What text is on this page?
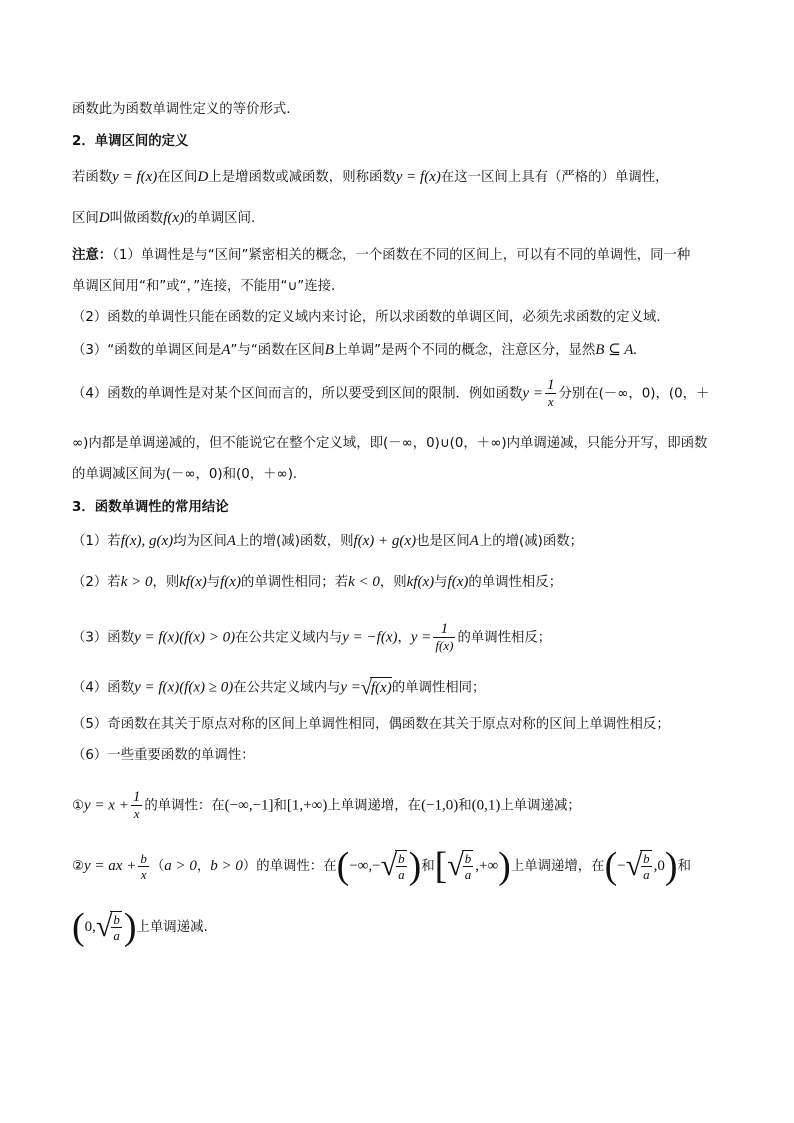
函数此为函数单调性定义的等价形式.
2．单调区间的定义
若函数y = f(x)在区间D上是增函数或减函数，则称函数y = f(x)在这一区间上具有（严格的）单调性，
区间D叫做函数f(x)的单调区间.
注意：（1）单调性是与“区间”紧密相关的概念，一个函数在不同的区间上，可以有不同的单调性，同一种
单调区间用“和”或“，”连接，不能用“∪”连接．
（2）函数的单调性只能在函数的定义域内来讨论，所以求函数的单调区间，必须先求函数的定义域．
（3）“函数的单调区间是A”与“函数在区间B上单调”是两个不同的概念，注意区分，显然B ⊆ A.
（4）函数的单调性是对某个区间而言的，所以要受到区间的限制．例如函数$y = \frac{1}{x}$ 分别在(－∞，0)，(0，＋
∞)内都是单调递减的，但不能说它在整个定义域，即(－∞，0)∪(0，＋∞)内单调递减，只能分开写，即函数
的单调减区间为(－∞，0)和(0，＋∞).
3．函数单调性的常用结论
（1）若f(x), g(x)均为区间A上的增(减)函数，则f(x) + g(x)也是区间A上的增(减)函数；
（2）若k > 0，则kf(x)与f(x)的单调性相同；若k < 0，则kf(x)与f(x)的单调性相反；
（3）函数y = f(x)(f(x) > 0)在公共定义域内与y = −f(x)，$y = \frac{1}{f(x)}$ 的单调性相反；
（4）函数y = f(x)(f(x) ≥ 0)在公共定义域内与y =√f(x)的单调性相同；
（5）奇函数在其关于原点对称的区间上单调性相同，偶函数在其关于原点对称的区间上单调性相反；
（6）一些重要函数的单调性：
①y = $x + \frac{1}{x}$ 的单调性：在(−∞,−1]和[1,+∞)上单调递增，在(−1,0)和(0,1)上单调递减；
②y = ax + $\frac{b}{x} (a > 0$，b > 0）的单调性：在(−∞,−√
$\frac{b}{a}$ )和[√
$\frac{b}{a}$ ,+∞)上单调递增，在(−√
$\frac{b}{a} ,0$)和
(0,√
$\frac{b}{a}$ )上单调递减.
